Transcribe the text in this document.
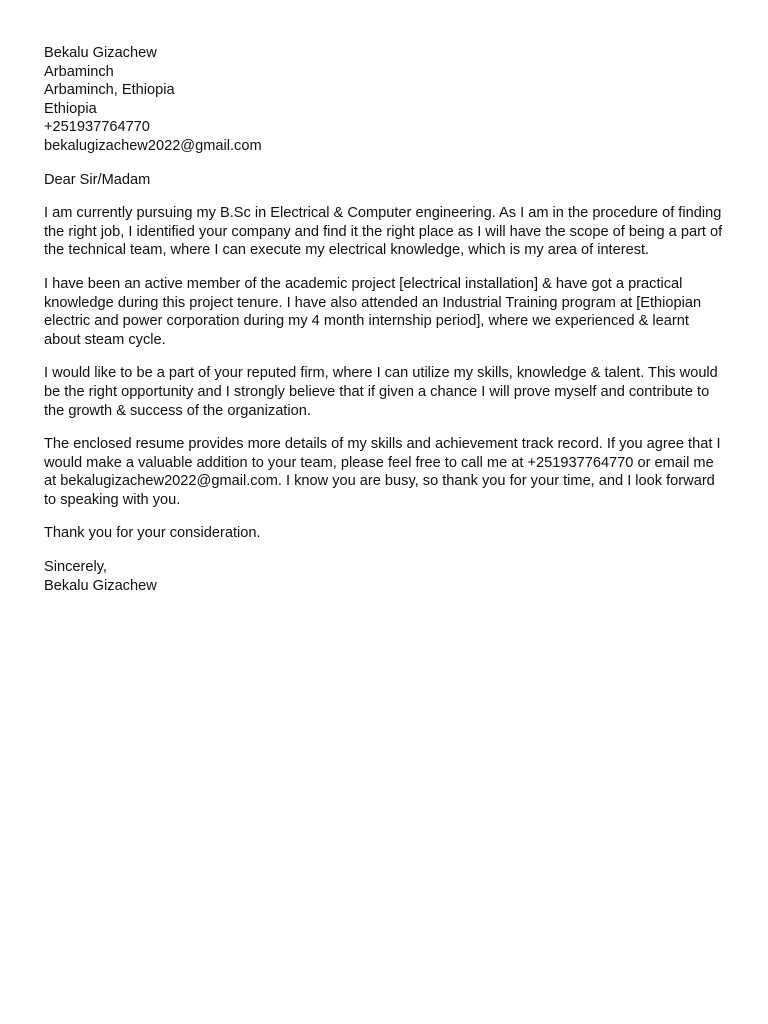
Bekalu Gizachew
Arbaminch
Arbaminch, Ethiopia
Ethiopia
+251937764770
bekalugizachew2022@gmail.com
Dear Sir/Madam

I am currently pursuing my B.Sc in Electrical & Computer engineering. As I am in the procedure of finding the right job, I identified your company and find it the right place as I will have the scope of being a part of the technical team, where I can execute my electrical knowledge, which is my area of interest.

I have been an active member of the academic project [electrical installation] & have got a practical knowledge during this project tenure. I have also attended an Industrial Training program at [Ethiopian electric and power corporation during my 4 month internship period], where we experienced & learnt about steam cycle.

I would like to be a part of your reputed firm, where I can utilize my skills, knowledge & talent. This would be the right opportunity and I strongly believe that if given a chance I will prove myself and contribute to the growth & success of the organization.

The enclosed resume provides more details of my skills and achievement track record. If you agree that I would make a valuable addition to your team, please feel free to call me at +251937764770 or email me at bekalugizachew2022@gmail.com. I know you are busy, so thank you for your time, and I look forward to speaking with you.

Thank you for your consideration.

Sincerely,
Bekalu Gizachew
